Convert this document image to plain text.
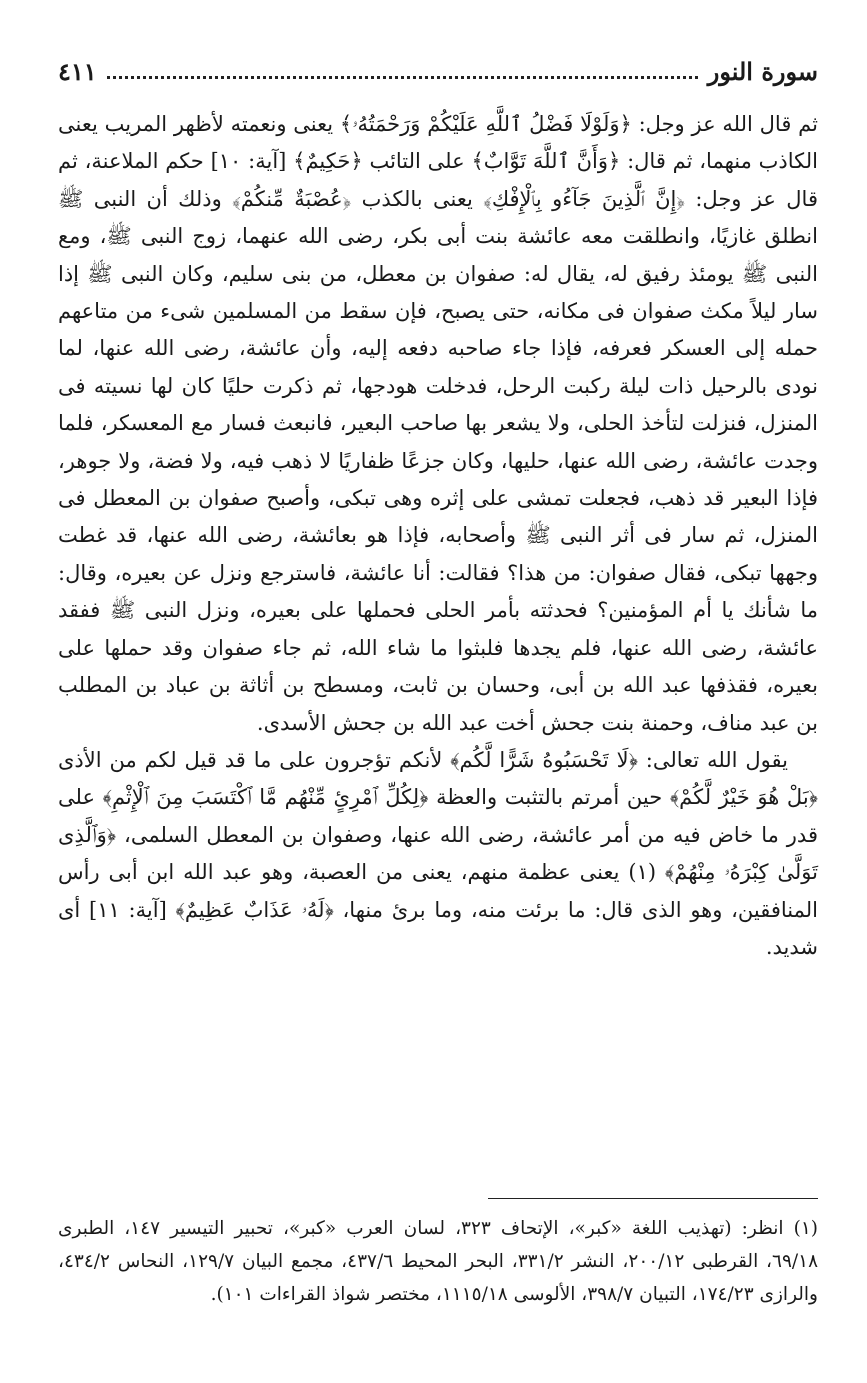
سورة النور
٤١١

ثم قال الله عز وجل: ﴿وَلَوْلَا فَضْلُ ٱللَّهِ عَلَيْكُمْ وَرَحْمَتُهُۥ﴾ يعنى ونعمته لأظهر المريب يعنى الكاذب منهما، ثم قال: ﴿وَأَنَّ ٱللَّهَ تَوَّابٌ﴾ على التائب ﴿حَكِيمٌ﴾ [آية: ١٠] حكم الملاعنة، ثم قال عز وجل: ﴿إِنَّ ٱلَّذِينَ جَآءُو بِٱلْإِفْكِ﴾ يعنى بالكذب ﴿عُصْبَةٌ مِّنكُمْ﴾ وذلك أن النبى ﷺ انطلق غازيًا، وانطلقت معه عائشة بنت أبى بكر، رضى الله عنهما، زوج النبى ﷺ، ومع النبى ﷺ يومئذ رفيق له، يقال له: صفوان بن معطل، من بنى سليم، وكان النبى ﷺ إذا سار ليلاً مكث صفوان فى مكانه، حتى يصبح، فإن سقط من المسلمين شىء من متاعهم حمله إلى العسكر فعرفه، فإذا جاء صاحبه دفعه إليه، وأن عائشة، رضى الله عنها، لما نودى بالرحيل ذات ليلة ركبت الرحل، فدخلت هودجها، ثم ذكرت حليًا كان لها نسيته فى المنزل، فنزلت لتأخذ الحلى، ولا يشعر بها صاحب البعير، فانبعث فسار مع المعسكر، فلما وجدت عائشة، رضى الله عنها، حليها، وكان جزعًا ظفاريًا لا ذهب فيه، ولا فضة، ولا جوهر، فإذا البعير قد ذهب، فجعلت تمشى على إثره وهى تبكى، وأصبح صفوان بن المعطل فى المنزل، ثم سار فى أثر النبى ﷺ وأصحابه، فإذا هو بعائشة، رضى الله عنها، قد غطت وجهها تبكى، فقال صفوان: من هذا؟ فقالت: أنا عائشة، فاسترجع ونزل عن بعيره، وقال: ما شأنك يا أم المؤمنين؟ فحدثته بأمر الحلى فحملها على بعيره، ونزل النبى ﷺ ففقد عائشة، رضى الله عنها، فلم يجدها فلبثوا ما شاء الله، ثم جاء صفوان وقد حملها على بعيره، فقذفها عبد الله بن أبى، وحسان بن ثابت، ومسطح بن أثاثة بن عباد بن المطلب بن عبد مناف، وحمنة بنت جحش أخت عبد الله بن جحش الأسدى.

يقول الله تعالى: ﴿لَا تَحْسَبُوهُ شَرًّا لَّكُم﴾ لأنكم تؤجرون على ما قد قيل لكم من الأذى ﴿بَلْ هُوَ خَيْرٌ لَّكُمْ﴾ حين أمرتم بالتثبت والعظة ﴿لِكُلِّ ٱمْرِئٍ مِّنْهُم مَّا ٱكْتَسَبَ مِنَ ٱلْإِثْمِ﴾ على قدر ما خاض فيه من أمر عائشة، رضى الله عنها، وصفوان بن المعطل السلمى، ﴿وَٱلَّذِى تَوَلَّىٰ كِبْرَهُۥ مِنْهُمْ﴾ (١) يعنى عظمة منهم، يعنى من العصبة، وهو عبد الله ابن أبى رأس المنافقين، وهو الذى قال: ما برئت منه، وما برئ منها، ﴿لَهُۥ عَذَابٌ عَظِيمٌ﴾ [آية: ١١] أى شديد.

(١) انظر: (تهذيب اللغة «كبر»، الإتحاف ٣٢٣، لسان العرب «كبر»، تحبير التيسير ١٤٧، الطبرى ٦٩/١٨، القرطبى ٢٠٠/١٢، النشر ٣٣١/٢، البحر المحيط ٤٣٧/٦، مجمع البيان ١٢٩/٧، النحاس ٤٣٤/٢، والرازى ١٧٤/٢٣، التبيان ٣٩٨/٧، الألوسى ١١١٥/١٨، مختصر شواذ القراءات ١٠١).
